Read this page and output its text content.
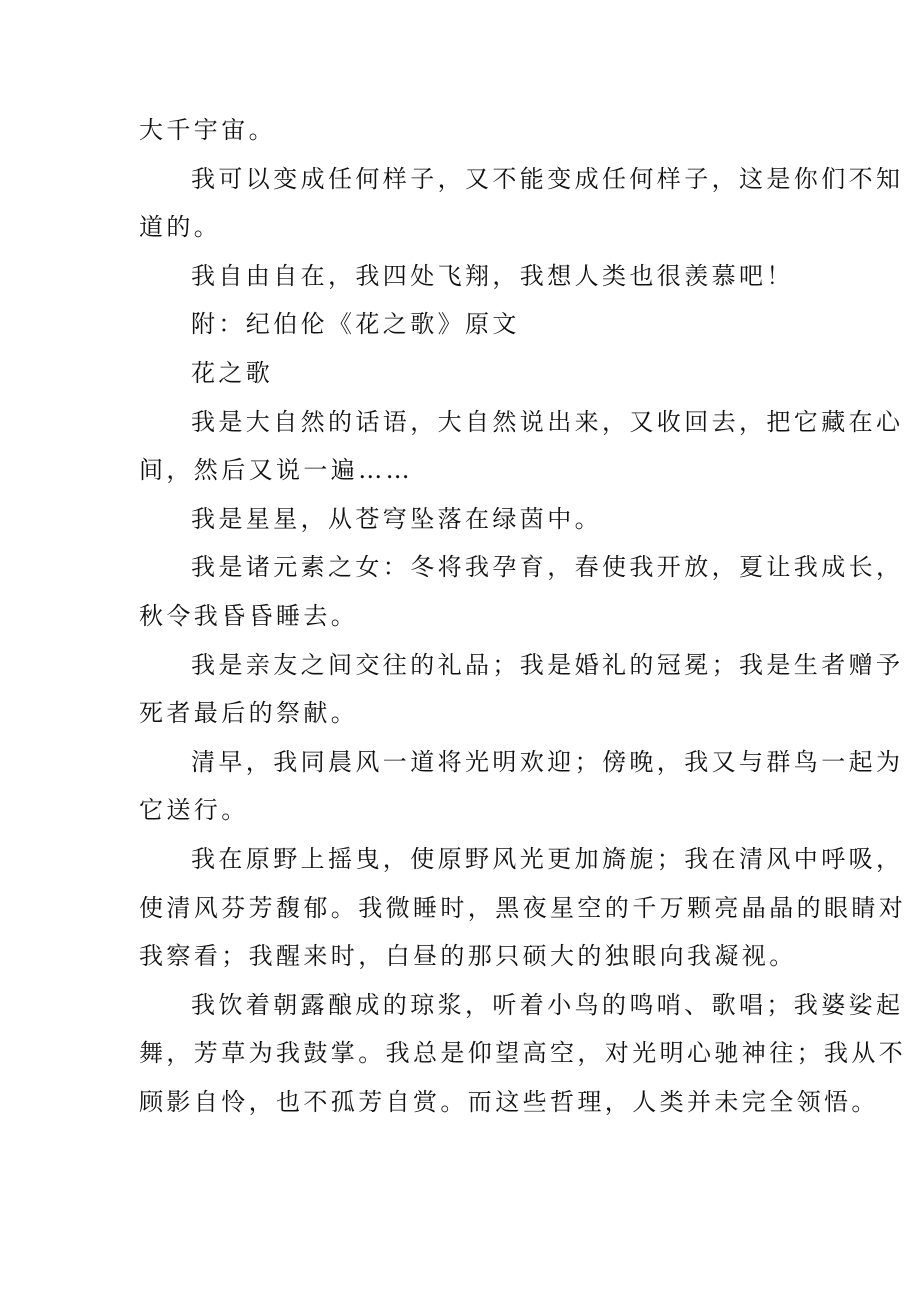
大千宇宙。
我可以变成任何样子，又不能变成任何样子，这是你们不知
道的。
我自由自在，我四处飞翔，我想人类也很羡慕吧！
附：纪伯伦《花之歌》原文
花之歌
我是大自然的话语，大自然说出来，又收回去，把它藏在心
间，然后又说一遍……
我是星星，从苍穹坠落在绿茵中。
我是诸元素之女：冬将我孕育，春使我开放，夏让我成长，
秋令我昏昏睡去。
我是亲友之间交往的礼品；我是婚礼的冠冕；我是生者赠予
死者最后的祭献。
清早，我同晨风一道将光明欢迎；傍晚，我又与群鸟一起为
它送行。
我在原野上摇曳，使原野风光更加旖旎；我在清风中呼吸，
使清风芬芳馥郁。我微睡时，黑夜星空的千万颗亮晶晶的眼睛对
我察看；我醒来时，白昼的那只硕大的独眼向我凝视。
我饮着朝露酿成的琼浆，听着小鸟的鸣哨、歌唱；我婆娑起
舞，芳草为我鼓掌。我总是仰望高空，对光明心驰神往；我从不
顾影自怜，也不孤芳自赏。而这些哲理，人类并未完全领悟。
